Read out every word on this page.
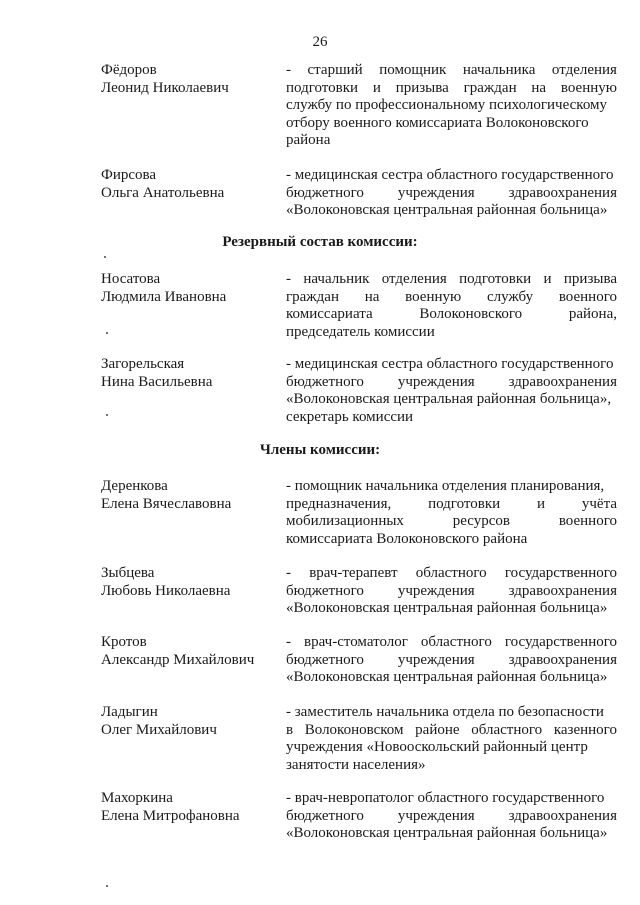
26
Фёдоров
Леонид Николаевич
- старший помощник начальника отделения
подготовки и призыва граждан на военную
службу по профессиональному психологическому
отбору военного комиссариата Волоконовского
района
Фирсова
Ольга Анатольевна
- медицинская сестра областного государственного
бюджетного учреждения здравоохранения
«Волоконовская центральная районная больница»
Резервный состав комиссии:
Носатова
Людмила Ивановна
- начальник отделения подготовки и призыва
граждан на военную службу военного
комиссариата	Волоконовского	района,
председатель комиссии
Загорельская
Нина Васильевна
- медицинская сестра областного государственного
бюджетного учреждения здравоохранения
«Волоконовская центральная районная больница»,
секретарь комиссии
Члены комиссии:
Деренкова
Елена Вячеславовна
- помощник начальника отделения планирования,
предназначения, подготовки и учёта
мобилизационных	ресурсов	военного
комиссариата Волоконовского района
Зыбцева
Любовь Николаевна
- врач-терапевт областного государственного
бюджетного учреждения здравоохранения
«Волоконовская центральная районная больница»
Кротов
Александр Михайлович
- врач-стоматолог областного государственного
бюджетного учреждения здравоохранения
«Волоконовская центральная районная больница»
Ладыгин
Олег Михайлович
- заместитель начальника отдела по безопасности
в Волоконовском районе областного казенного
учреждения «Новооскольский районный центр
занятости населения»
Махоркина
Елена Митрофановна
- врач-невропатолог областного государственного
бюджетного учреждения здравоохранения
«Волоконовская центральная районная больница»
